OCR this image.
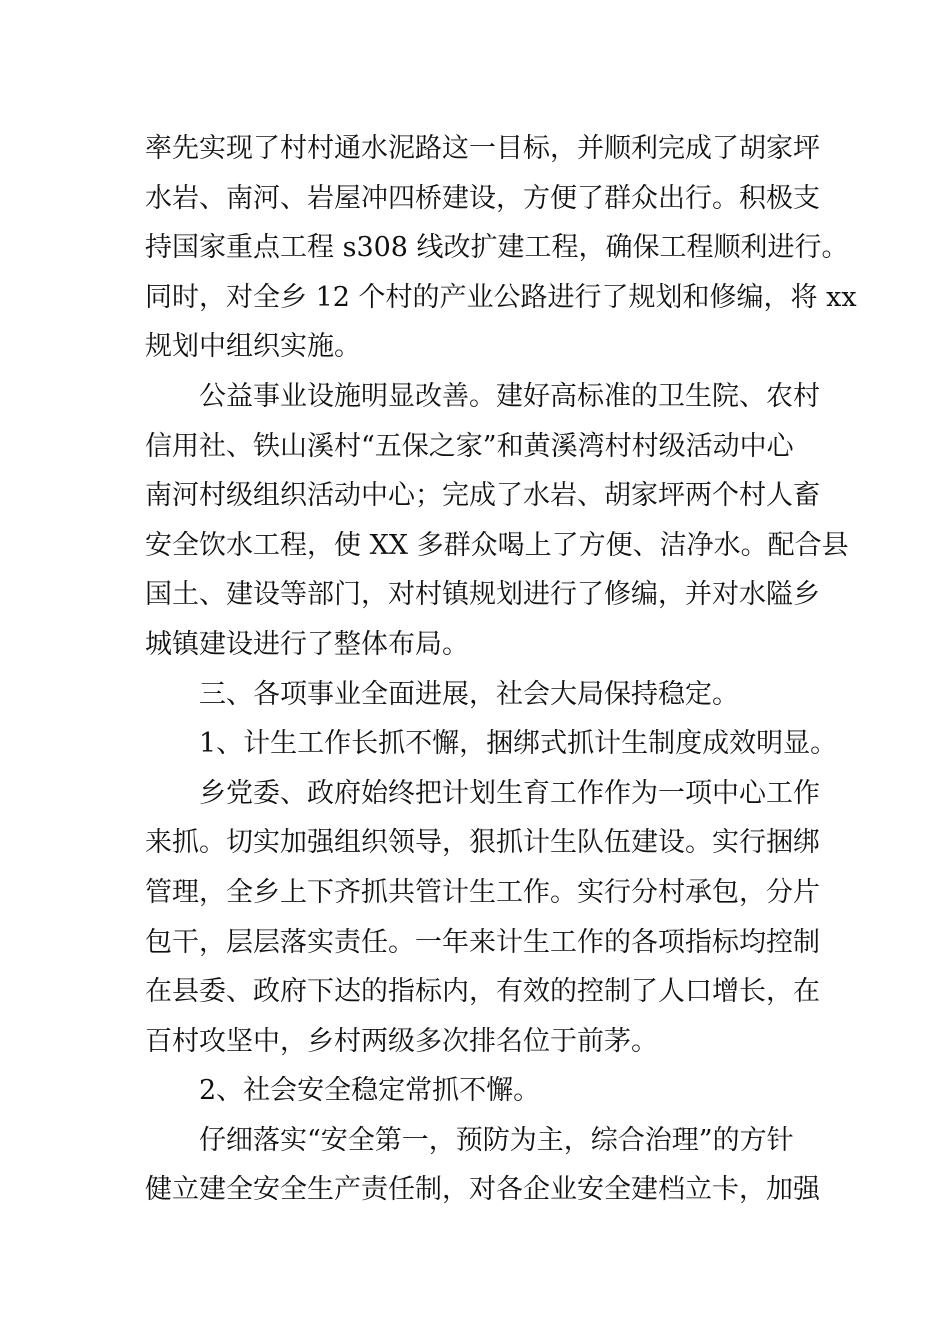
率先实现了村村通水泥路这一目标，并顺利完成了胡家坪
水岩、南河、岩屋冲四桥建设，方便了群众出行。积极支
持国家重点工程 s308 线改扩建工程，确保工程顺利进行。
同时，对全乡 12 个村的产业公路进行了规划和修编，将 xx
规划中组织实施。

公益事业设施明显改善。建好高标准的卫生院、农村
信用社、铁山溪村“五保之家”和黄溪湾村村级活动中心
南河村级组织活动中心；完成了水岩、胡家坪两个村人畜
安全饮水工程，使 XX 多群众喝上了方便、洁净水。配合县
国土、建设等部门，对村镇规划进行了修编，并对水隘乡
城镇建设进行了整体布局。

三、各项事业全面进展，社会大局保持稳定。

1、计生工作长抓不懈，捆绑式抓计生制度成效明显。

乡党委、政府始终把计划生育工作作为一项中心工作
来抓。切实加强组织领导，狠抓计生队伍建设。实行捆绑
管理，全乡上下齐抓共管计生工作。实行分村承包，分片
包干，层层落实责任。一年来计生工作的各项指标均控制
在县委、政府下达的指标内，有效的控制了人口增长，在
百村攻坚中，乡村两级多次排名位于前茅。

2、社会安全稳定常抓不懈。

仔细落实“安全第一，预防为主，综合治理”的方针
健立建全安全生产责任制，对各企业安全建档立卡，加强
